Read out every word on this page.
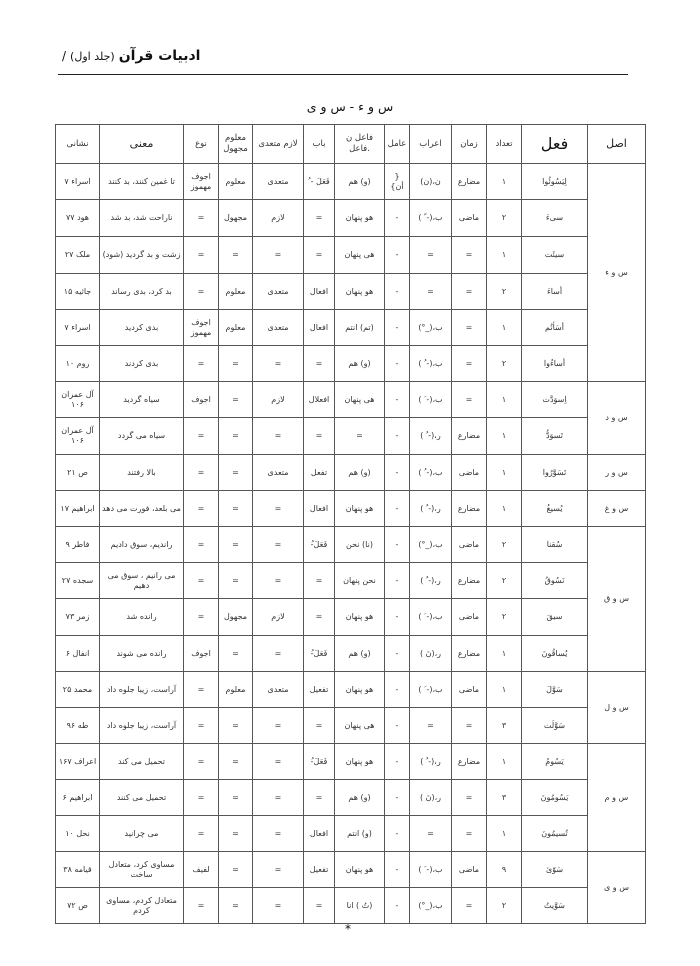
ادبیات قرآن
(جلد اول)
/
س و ء - س و ی
اصل	فعل	تعداد	زمان	اعراب	عامل	فاعل ن .فاعل	باب	لازم متعدی	معلوم مجهول	نوع	معنی	نشانی
س و ء	لِیَسُوئُوا	۱	مضارع	ن،(ن)	{ أن}	(و) هم	فَعَلَ - ُ	متعدی	معلوم	اجوف مهموز	تا غمین کنند، بد کنند	اسراء ۷
	سیءَ	۲	ماضی	ب،(- ً )	-	هو پنهان	=	لازم	مجهول	=	ناراحت شد، بد شد	هود ۷۷
	سیئَت	۱	=	=	-	هی پنهان	=	=	=	=	زشت و بد گردید (شود)	ملک ۲۷
	أساءَ	۲	=	=	-	هو پنهان	افعال	متعدی	معلوم	=	بد کرد، بدی رساند	جاثیه ۱۵
	أسَأتُم	۱	=	ب،(_°)	-	(تم) انتم	افعال	متعدی	معلوم	اجوف مهموز	بدی کردید	اسراء ۷
	أساءُوا	۲	=	ب،(- ُ )	-	(و) هم	=	=	=	=	بدی کردند	روم ۱۰
س و د	اِسوَدَّت	۱	=	ب،(- َ )	-	هی پنهان	افعلال	لازم	=	اجوف	سیاه گردید	آل عمران ۱۰۶
	تَسوَدُّ	۱	مضارع	ر،(- ُ )	-	=	=	=	=	=	سیاه می گردد	آل عمران ۱۰۶
س و ر	تَسَوَّرُوا	۱	ماضی	ب،(- ُ )	-	(و) هم	تفعل	متعدی	=	=	بالا رفتند	ص ۲۱
س و غ	یُسیغُ	۱	مضارع	ر،(- ُ )	-	هو پنهان	افعال	=	=	=	می بلعد، فورت می دهد	ابراهیم ۱۷
س و ق	سُقنا	۲	ماضی	ب،(_°)	-	(نا) نحن	فَعَلَ-ُ	=	=	=	راندیم، سوق دادیم	فاطر ۹
	نَسُوقُ	۲	مضارع	ر،(- ُ )	-	نحن پنهان	=	=	=	=	می رانیم ، سوق می دهیم	سجده ۲۷
	سیقَ	۲	ماضی	ب،(- َ )	-	هو پنهان	=	لازم	مجهول	=	رانده شد	زمر ۷۳
	یُساقُونَ	۱	مضارع	ر،(نَ )	-	(و) هم	فَعَلَ-ُ	=	=	اجوف	رانده می شوند	انفال ۶
س و ل	سَوَّلَ	۱	ماضی	ب،(- َ )	-	هو پنهان	تفعیل	متعدی	معلوم	=	آراست، زیبا جلوه داد	محمد ۲۵
	سَوَّلَت	۳	=	=	-	هی پنهان	=	=	=	=	آراست، زیبا جلوه داد	طه ۹۶
س و م	یَسُومُ	۱	مضارع	ر،(- ُ )	-	هو پنهان	فَعَلَ-ُ	=	=	=	تحمیل می کند	اعراف ۱۶۷
	یَسُومُونَ	۳	=	ر،(نَ )	-	(و) هم	=	=	=	=	تحمیل می کنند	ابراهیم ۶
	تُسیمُونَ	۱	=	=	-	(و) انتم	افعال	=	=	=	می چرانید	نحل ۱۰
س و ی	سَوّیٰ	۹	ماضی	ب،(- َ )	-	هو پنهان	تفعیل	=	=	لفیف	مساوی کرد، متعادل ساخت	قیامه ۳۸
	سَوَّیتُ	۲	=	ب،(_°)	-	(تُ ) انا	=	=	=	=	متعادل کردم، مساوی کردم	ص ۷۲
*
